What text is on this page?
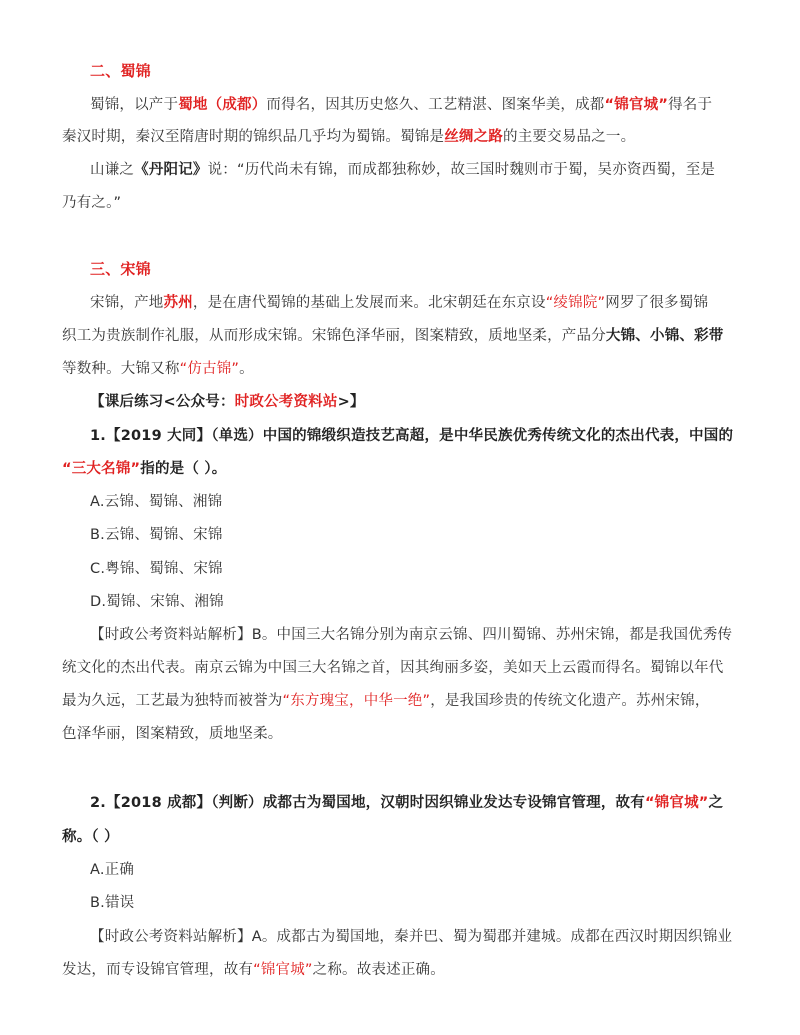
二、蜀锦
蜀锦，以产于蜀地（成都）而得名，因其历史悠久、工艺精湛、图案华美，成都“锦官城”得名于
秦汉时期，秦汉至隋唐时期的锦织品几乎均为蜀锦。蜀锦是丝绸之路的主要交易品之一。
山谦之《丹阳记》说：“历代尚未有锦，而成都独称妙，故三国时魏则市于蜀，吴亦资西蜀，至是
乃有之。”
三、宋锦
宋锦，产地苏州，是在唐代蜀锦的基础上发展而来。北宋朝廷在东京设“绫锦院”网罗了很多蜀锦
织工为贵族制作礼服，从而形成宋锦。宋锦色泽华丽，图案精致，质地坚柔，产品分大锦、小锦、彩带
等数种。大锦又称“仿古锦”。
【课后练习<公众号：时政公考资料站>】
1.【2019 大同】（单选）中国的锦缎织造技艺高超，是中华民族优秀传统文化的杰出代表，中国的
“三大名锦”指的是（ ）。
A.云锦、蜀锦、湘锦
B.云锦、蜀锦、宋锦
C.粤锦、蜀锦、宋锦
D.蜀锦、宋锦、湘锦
【时政公考资料站解析】B。中国三大名锦分别为南京云锦、四川蜀锦、苏州宋锦，都是我国优秀传
统文化的杰出代表。南京云锦为中国三大名锦之首，因其绚丽多姿，美如天上云霞而得名。蜀锦以年代
最为久远，工艺最为独特而被誉为“东方瑰宝，中华一绝”，是我国珍贵的传统文化遗产。苏州宋锦，
色泽华丽，图案精致，质地坚柔。
2.【2018 成都】（判断）成都古为蜀国地，汉朝时因织锦业发达专设锦官管理，故有“锦官城”之
称。（ ）
A.正确
B.错误
【时政公考资料站解析】A。成都古为蜀国地，秦并巴、蜀为蜀郡并建城。成都在西汉时期因织锦业
发达，而专设锦官管理，故有“锦官城”之称。故表述正确。
